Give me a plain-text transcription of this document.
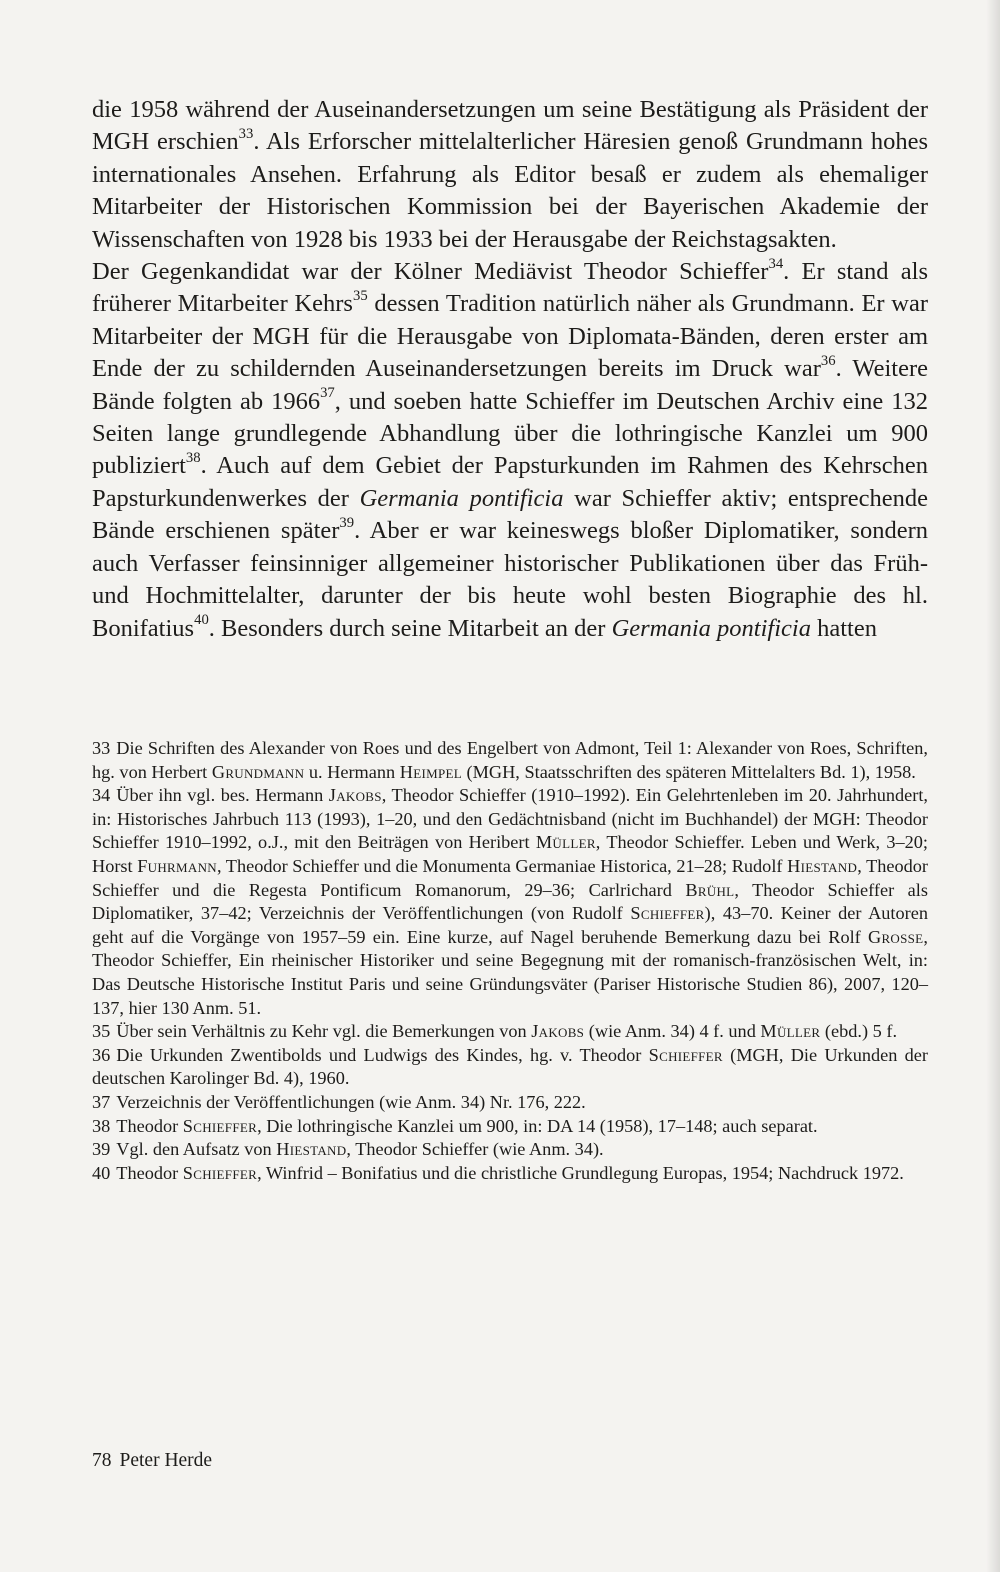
die 1958 während der Auseinandersetzungen um seine Bestätigung als Präsident der MGH erschien$^{33}$. Als Erforscher mittelalterlicher Häresien genoß Grundmann hohes internationales Ansehen. Erfahrung als Editor besaß er zudem als ehemaliger Mitarbeiter der Historischen Kommission bei der Bayerischen Akademie der Wissenschaften von 1928 bis 1933 bei der Herausgabe der Reichstagsakten.

Der Gegenkandidat war der Kölner Mediävist Theodor Schieffer$^{34}$. Er stand als früherer Mitarbeiter Kehrs$^{35}$ dessen Tradition natürlich näher als Grundmann. Er war Mitarbeiter der MGH für die Herausgabe von Diplomata-Bänden, deren erster am Ende der zu schildernden Auseinandersetzungen bereits im Druck war$^{36}$. Weitere Bände folgten ab 1966$^{37}$, und soeben hatte Schieffer im Deutschen Archiv eine 132 Seiten lange grundlegende Abhandlung über die lothringische Kanzlei um 900 publiziert$^{38}$. Auch auf dem Gebiet der Papsturkunden im Rahmen des Kehrschen Papsturkundenwerkes der Germania pontificia war Schieffer aktiv; entsprechende Bände erschienen später$^{39}$. Aber er war keineswegs bloßer Diplomatiker, sondern auch Verfasser feinsinniger allgemeiner historischer Publikationen über das Früh- und Hochmittelalter, darunter der bis heute wohl besten Biographie des hl. Bonifatius$^{40}$. Besonders durch seine Mitarbeit an der Germania pontificia hatten

33 Die Schriften des Alexander von Roes und des Engelbert von Admont, Teil 1: Alexander von Roes, Schriften, hg. von Herbert Grundmann u. Hermann Heimpel (MGH, Staatsschriften des späteren Mittelalters Bd. 1), 1958.

34 Über ihn vgl. bes. Hermann Jakobs, Theodor Schieffer (1910–1992). Ein Gelehrtenleben im 20. Jahrhundert, in: Historisches Jahrbuch 113 (1993), 1–20, und den Gedächtnisband (nicht im Buchhandel) der MGH: Theodor Schieffer 1910–1992, o.J., mit den Beiträgen von Heribert Müller, Theodor Schieffer. Leben und Werk, 3–20; Horst Fuhrmann, Theodor Schieffer und die Monumenta Germaniae Historica, 21–28; Rudolf Hiestand, Theodor Schieffer und die Regesta Pontificum Romanorum, 29–36; Carlrichard Brühl, Theodor Schieffer als Diplomatiker, 37–42; Verzeichnis der Veröffentlichungen (von Rudolf Schieffer), 43–70. Keiner der Autoren geht auf die Vorgänge von 1957–59 ein. Eine kurze, auf Nagel beruhende Bemerkung dazu bei Rolf Grosse, Theodor Schieffer, Ein rheinischer Historiker und seine Begegnung mit der romanisch-französischen Welt, in: Das Deutsche Historische Institut Paris und seine Gründungsväter (Pariser Historische Studien 86), 2007, 120–137, hier 130 Anm. 51.

35 Über sein Verhältnis zu Kehr vgl. die Bemerkungen von Jakobs (wie Anm. 34) 4 f. und Müller (ebd.) 5 f.

36 Die Urkunden Zwentibolds und Ludwigs des Kindes, hg. v. Theodor Schieffer (MGH, Die Urkunden der deutschen Karolinger Bd. 4), 1960.

37 Verzeichnis der Veröffentlichungen (wie Anm. 34) Nr. 176, 222.

38 Theodor Schieffer, Die lothringische Kanzlei um 900, in: DA 14 (1958), 17–148; auch separat.

39 Vgl. den Aufsatz von Hiestand, Theodor Schieffer (wie Anm. 34).

40 Theodor Schieffer, Winfrid – Bonifatius und die christliche Grundlegung Europas, 1954; Nachdruck 1972.

78 Peter Herde
